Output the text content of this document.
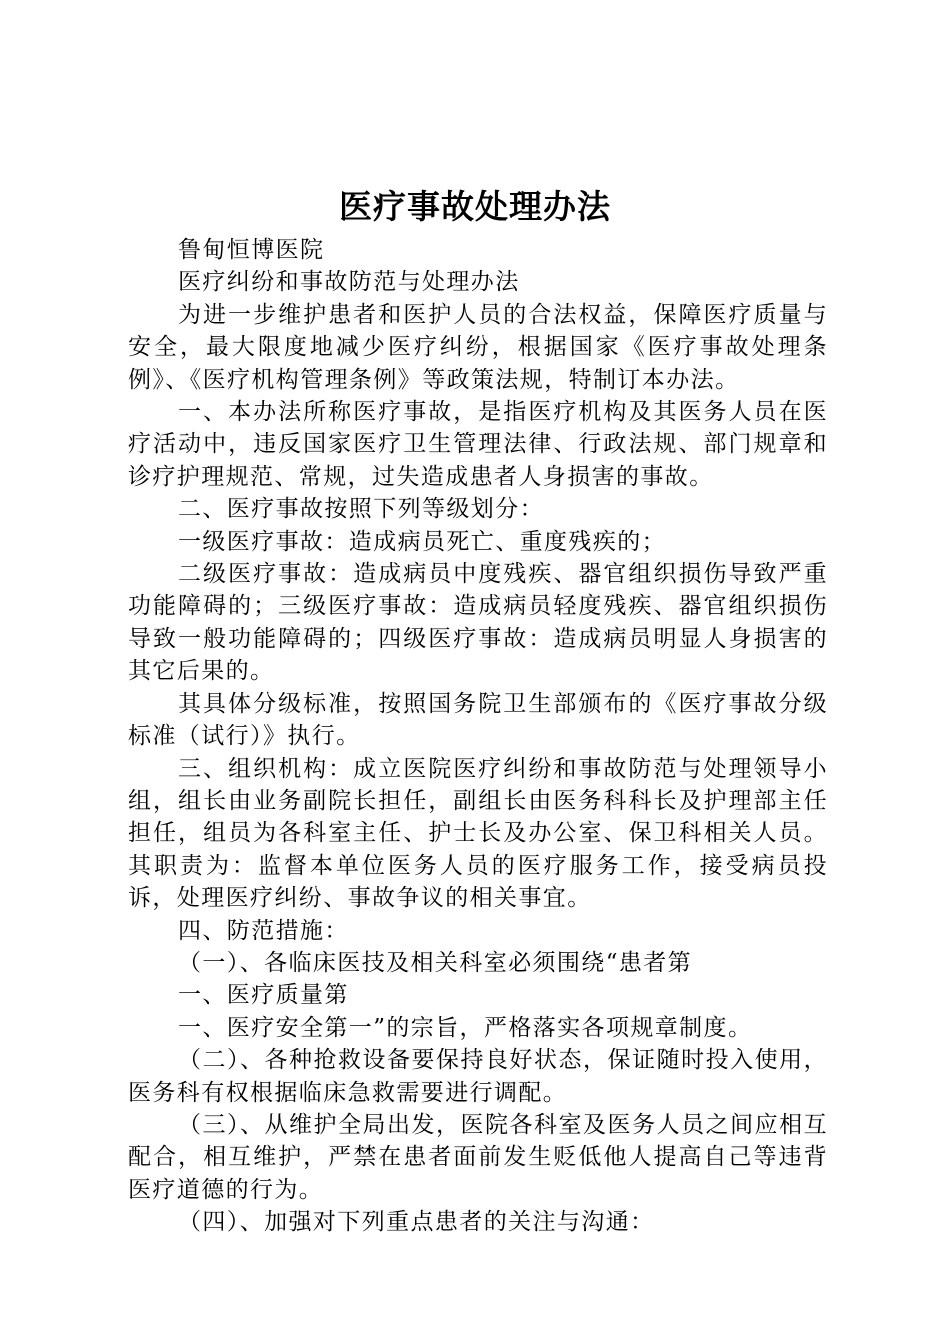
医疗事故处理办法

鲁甸恒博医院

医疗纠纷和事故防范与处理办法

为进一步维护患者和医护人员的合法权益，保障医疗质量与安全，最大限度地减少医疗纠纷，根据国家《医疗事故处理条例》、《医疗机构管理条例》等政策法规，特制订本办法。

一、本办法所称医疗事故，是指医疗机构及其医务人员在医疗活动中，违反国家医疗卫生管理法律、行政法规、部门规章和诊疗护理规范、常规，过失造成患者人身损害的事故。

二、医疗事故按照下列等级划分：

一级医疗事故：造成病员死亡、重度残疾的；

二级医疗事故：造成病员中度残疾、器官组织损伤导致严重功能障碍的；三级医疗事故：造成病员轻度残疾、器官组织损伤导致一般功能障碍的；四级医疗事故：造成病员明显人身损害的其它后果的。

其具体分级标准，按照国务院卫生部颁布的《医疗事故分级标准（试行）》执行。

三、组织机构：成立医院医疗纠纷和事故防范与处理领导小组，组长由业务副院长担任，副组长由医务科科长及护理部主任担任，组员为各科室主任、护士长及办公室、保卫科相关人员。其职责为：监督本单位医务人员的医疗服务工作，接受病员投诉，处理医疗纠纷、事故争议的相关事宜。

四、防范措施：

（一）、各临床医技及相关科室必须围绕“患者第

一、医疗质量第

一、医疗安全第一”的宗旨，严格落实各项规章制度。

（二）、各种抢救设备要保持良好状态，保证随时投入使用，医务科有权根据临床急救需要进行调配。

（三）、从维护全局出发，医院各科室及医务人员之间应相互配合，相互维护，严禁在患者面前发生贬低他人提高自己等违背医疗道德的行为。

（四）、加强对下列重点患者的关注与沟通：
